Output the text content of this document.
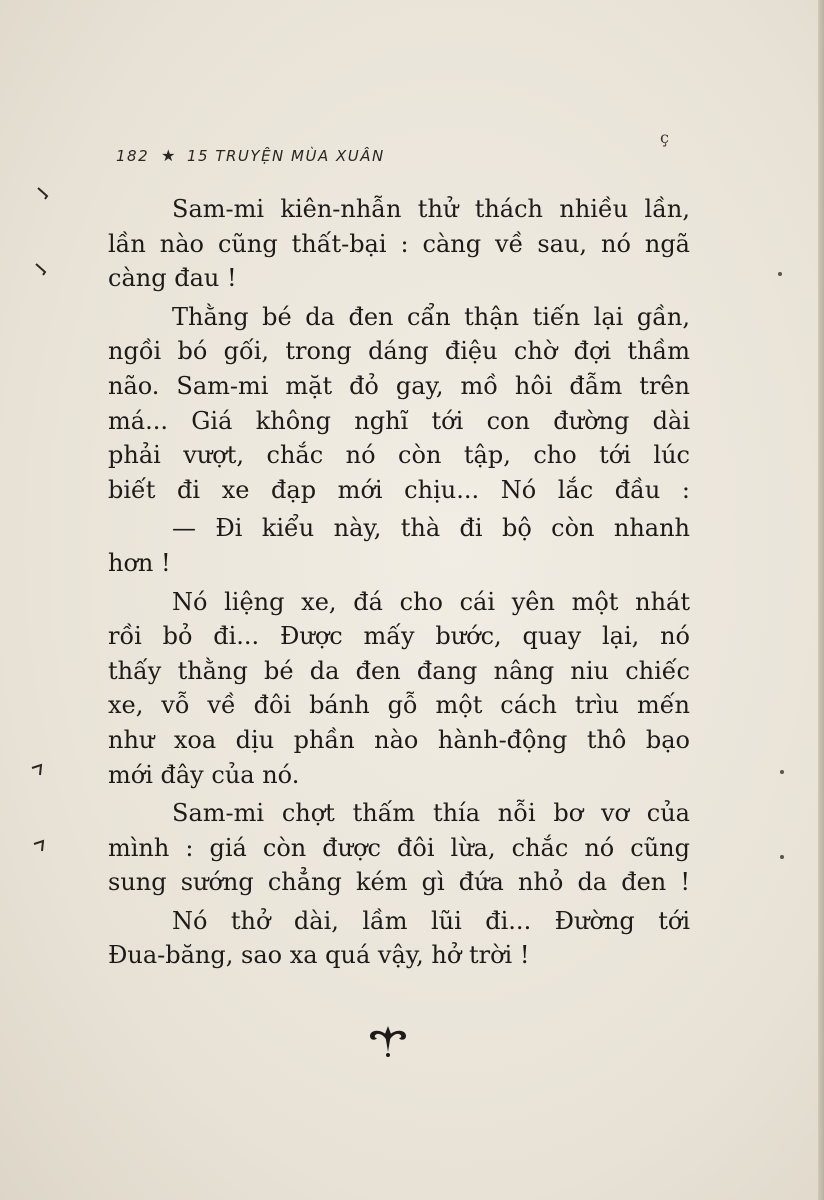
182 ★ 15 TRUYỆN MÙA XUÂN
ç

Sam-mi kiên-nhẫn thử thách nhiều lần,
lần nào cũng thất-bại : càng về sau, nó ngã
càng đau !

Thằng bé da đen cẩn thận tiến lại gần,
ngồi bó gối, trong dáng điệu chờ đợi thầm
não. Sam-mi mặt đỏ gay, mồ hôi đẫm trên
má... Giá không nghĩ tới con đường dài
phải vượt, chắc nó còn tập, cho tới lúc
biết đi xe đạp mới chịu... Nó lắc đầu :

— Đi kiểu này, thà đi bộ còn nhanh
hơn !

Nó liệng xe, đá cho cái yên một nhát
rồi bỏ đi... Được mấy bước, quay lại, nó
thấy thằng bé da đen đang nâng niu chiếc
xe, vỗ về đôi bánh gỗ một cách trìu mến
như xoa dịu phần nào hành-động thô bạo
mới đây của nó.

Sam-mi chợt thấm thía nỗi bơ vơ của
mình : giá còn được đôi lừa, chắc nó cũng
sung sướng chẳng kém gì đứa nhỏ da đen !

Nó thở dài, lầm lũi đi... Đường tới
Đua-băng, sao xa quá vậy, hở trời !
